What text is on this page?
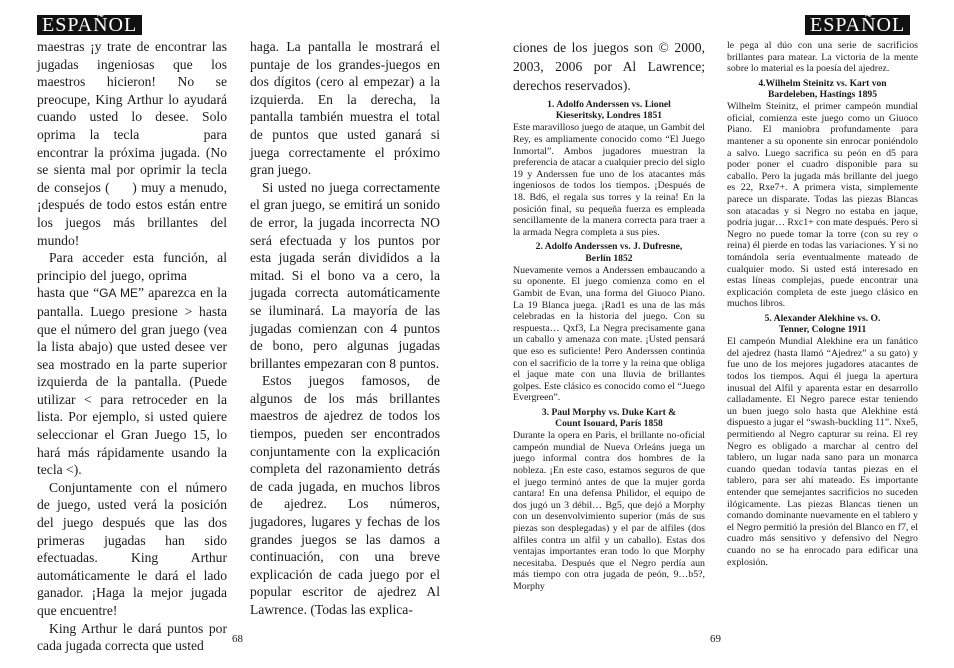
ESPAÑOL

maestras ¡y trate de encontrar las jugadas ingeniosas que los maestros hicieron! No se preocupe, King Arthur lo ayudará cuando usted lo desee. Solo oprima la tecla	para encontrar la próxima jugada. (No se sienta mal por oprimir la tecla de consejos ( ) muy a menudo, ¡después de todo estos están entre los juegos más brillantes del mundo!

Para acceder esta función, al principio del juego, oprima  hasta que “GA ME” aparezca en la pantalla. Luego presione > hasta que el número del gran juego (vea la lista abajo) que usted desee ver sea mostrado en la parte superior izquierda de la pantalla. (Puede utilizar < para retroceder en la lista. Por ejemplo, si usted quiere seleccionar el Gran Juego 15, lo hará más rápidamente usando la tecla <).

Conjuntamente con el número de juego, usted verá la posición del juego después que las dos primeras jugadas han sido efectuadas. King Arthur automáticamente le dará el lado ganador. ¡Haga la mejor jugada que encuentre!

King Arthur le dará puntos por cada jugada correcta que usted

haga. La pantalla le mostrará el puntaje de los grandes-juegos en dos dígitos (cero al empezar) a la izquierda. En la derecha, la pantalla también muestra el total de puntos que usted ganará si juega correctamente el próximo gran juego.

Si usted no juega correctamente el gran juego, se emitirá un sonido de error, la jugada incorrecta NO será efectuada y los puntos por esta jugada serán divididos a la mitad. Si el bono va a cero, la jugada correcta automáticamente se iluminará. La mayoría de las jugadas comienzan con 4 puntos de bono, pero algunas jugadas brillantes empezaran con 8 puntos.

Estos juegos famosos, de algunos de los más brillantes maestros de ajedrez de todos los tiempos, pueden ser encontrados conjuntamente con la explicación completa del razonamiento detrás de cada jugada, en muchos libros de ajedrez. Los números, jugadores, lugares y fechas de los grandes juegos se las damos a continuación, con una breve explicación de cada juego por el popular escritor de ajedrez Al Lawrence. (Todas las explica-

68
ESPAÑOL

ciones de los juegos son © 2000, 2003, 2006 por Al Lawrence; derechos reservados).

1. Adolfo Anderssen vs. Lionel Kieseritsky, Londres 1851

Este maravilloso juego de ataque, un Gambit del Rey, es ampliamente conocido como “El Juego Inmortal”. Ambos jugadores muestran la preferencia de atacar a cualquier precio del siglo 19 y Anderssen fue uno de los atacantes más ingeniosos de todos los tiempos. ¡Después de 18. Bd6, el regala sus torres y la reina! En la posición final, su pequeña fuerza es empleada sencillamente de la manera correcta para traer a la armada Negra completa a sus pies.

2. Adolfo Anderssen vs. J. Dufresne, Berlín 1852

Nuevamente vemos a Anderssen embaucando a su oponente. El juego comienza como en el Gambit de Evan, una forma del Giuoco Piano. La 19 Blanca juega. ¡Rad1 es una de las más celebradas en la historia del juego. Con su respuesta… Qxf3, La Negra precisamente gana un caballo y amenaza con mate. ¡Usted pensará que eso es suficiente! Pero Anderssen continúa con el sacrificio de la torre y la reina que obliga el jaque mate con una lluvia de brillantes golpes. Este clásico es conocido como el “Juego Evergreen”.

3. Paul Morphy vs. Duke Kart & Count Isouard, París 1858

Durante la opera en Paris, el brillante no-oficial campeón mundial de Nueva Orleáns juega un juego informal contra dos hombres de la nobleza. ¡En este caso, estamos seguros de que el juego terminó antes de que la mujer gorda cantara! En una defensa Philidor, el equipo de dos jugó un 3 débil… Bg5, que dejó a Morphy con un desenvolvimiento superior (más de sus piezas son desplegadas) y el par de alfiles (dos alfiles contra un alfil y un caballo). Estas dos ventajas importantes eran todo lo que Morphy necesitaba. Después que el Negro perdía aun más tiempo con otra jugada de peón, 9…b5?, Morphy

le pega al dúo con una serie de sacrificios brillantes para matear. La victoria de la mente sobre lo material es la poesía del ajedrez.

4.Wilhelm Steinitz vs. Kart von Bardeleben, Hastings 1895

Wilhelm Steinitz, el primer campeón mundial oficial, comienza este juego como un Giuoco Piano. El maniobra profundamente para mantener a su oponente sin enrocar poniéndolo a salvo. Luego sacrifica su peón en d5 para poder poner el cuadro disponible para su caballo. Pero la jugada más brillante del juego es 22, Rxe7+. A primera vista, simplemente parece un disparate. Todas las piezas Blancas son atacadas y si Negro no estaba en jaque, podría jugar… Rxc1+ con mate después. Pero si Negro no puede tomar la torre (con su rey o reina) él pierde en todas las variaciones. Y si no tomándola sería eventualmente mateado de cualquier modo. Si usted está interesado en estas líneas complejas, puede encontrar una explicación completa de este juego clásico en muchos libros.

5. Alexander Alekhine vs. O. Tenner, Cologne 1911

El campeón Mundial Alekhine era un fanático del ajedrez (hasta llamó “Ajedrez” a su gato) y fue uno de los mejores jugadores atacantes de todos los tiempos. Aquí él juega la apertura inusual del Alfil y aparenta estar en desarrollo calladamente. El Negro parece estar teniendo un buen juego solo hasta que Alekhine está dispuesto a jugar el “swash-buckling 11”. Nxe5, permitiendo al Negro capturar su reina. El rey Negro es obligado a marchar al centro del tablero, un lugar nada sano para un monarca cuando quedan todavía tantas piezas en el tablero, para ser ahí mateado. Es importante entender que semejantes sacrificios no suceden ilógicamente. Las piezas Blancas tienen un comando dominante nuevamente en el tablero y el Negro permitió la presión del Blanco en f7, el cuadro más sensitivo y defensivo del Negro cuando no se ha enrocado para edificar una explosión.

69
